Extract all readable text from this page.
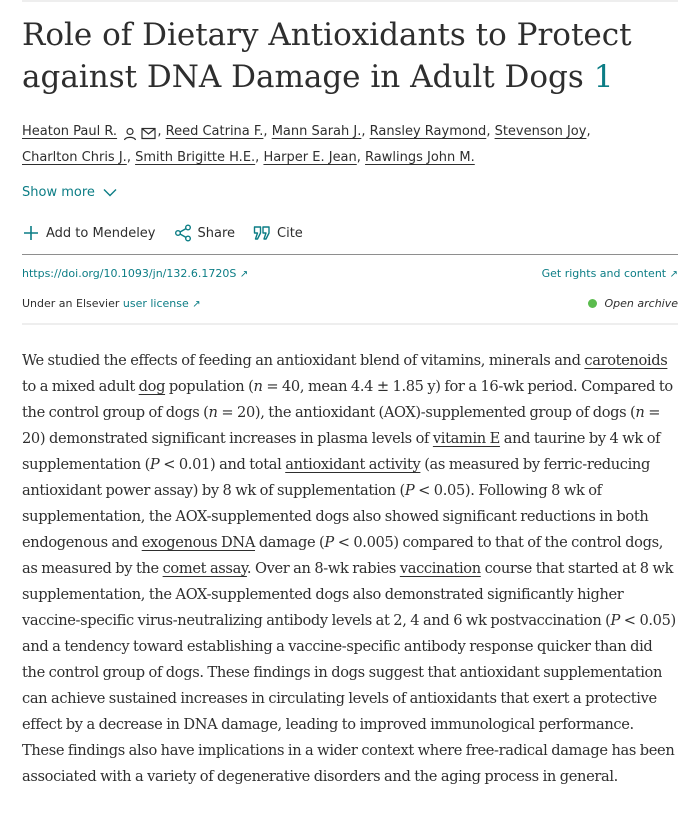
Role of Dietary Antioxidants to Protect against DNA Damage in Adult Dogs 1
Heaton Paul R.	, Reed Catrina F., Mann Sarah J., Ransley Raymond, Stevenson Joy,
Charlton Chris J., Smith Brigitte H.E., Harper E. Jean, Rawlings John M.
Show more
Add to Mendeley	Share	Cite
https://doi.org/10.1093/jn/132.6.1720S ↗	Get rights and content ↗
Under an Elsevier user license ↗	Open archive

We studied the effects of feeding an antioxidant blend of vitamins, minerals and carotenoids to a mixed adult dog population (n = 40, mean 4.4 ± 1.85 y) for a 16-wk period. Compared to the control group of dogs (n = 20), the antioxidant (AOX)-supplemented group of dogs (n = 20) demonstrated significant increases in plasma levels of vitamin E and taurine by 4 wk of supplementation (P < 0.01) and total antioxidant activity (as measured by ferric-reducing antioxidant power assay) by 8 wk of supplementation (P < 0.05). Following 8 wk of supplementation, the AOX-supplemented dogs also showed significant reductions in both endogenous and exogenous DNA damage (P < 0.005) compared to that of the control dogs, as measured by the comet assay. Over an 8-wk rabies vaccination course that started at 8 wk supplementation, the AOX-supplemented dogs also demonstrated significantly higher vaccine-specific virus-neutralizing antibody levels at 2, 4 and 6 wk postvaccination (P < 0.05) and a tendency toward establishing a vaccine-specific antibody response quicker than did the control group of dogs. These findings in dogs suggest that antioxidant supplementation can achieve sustained increases in circulating levels of antioxidants that exert a protective effect by a decrease in DNA damage, leading to improved immunological performance. These findings also have implications in a wider context where free-radical damage has been associated with a variety of degenerative disorders and the aging process in general.
